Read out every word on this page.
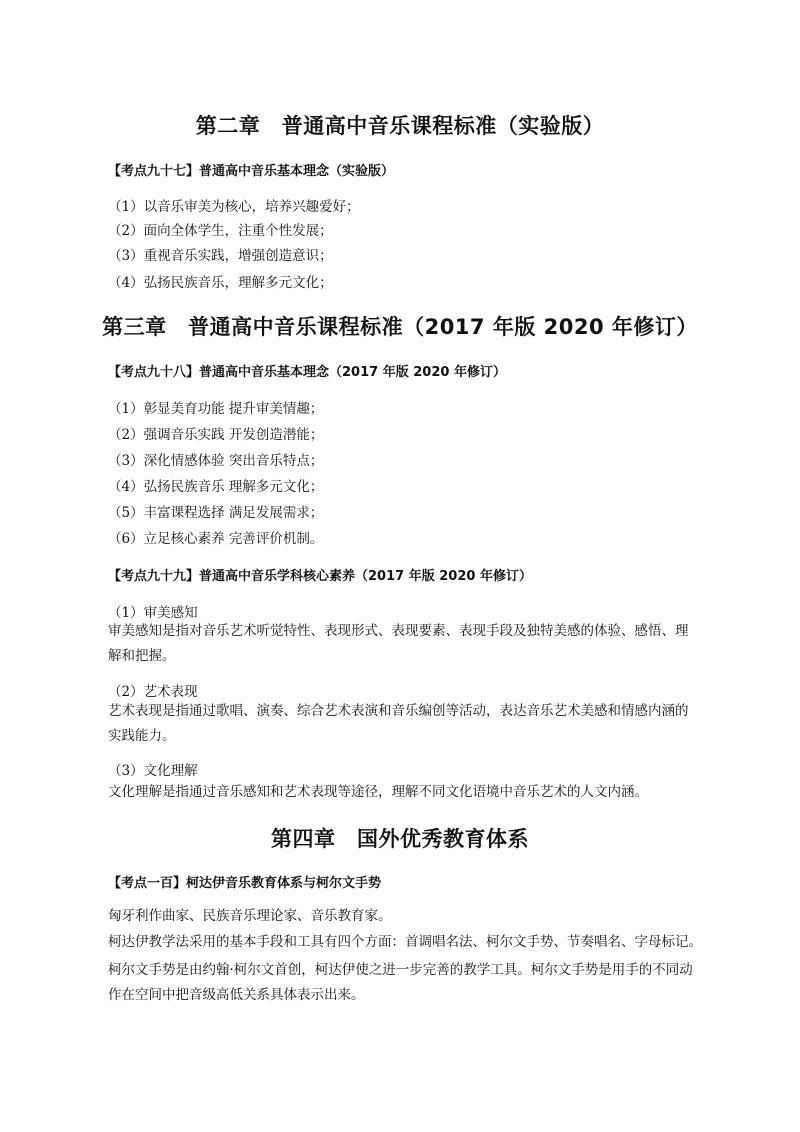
第二章　普通高中音乐课程标准（实验版）
【考点九十七】普通高中音乐基本理念（实验版）
（1）以音乐审美为核心，培养兴趣爱好；
（2）面向全体学生，注重个性发展；
（3）重视音乐实践，增强创造意识；
（4）弘扬民族音乐，理解多元文化；
第三章　普通高中音乐课程标准（2017 年版 2020 年修订）
【考点九十八】普通高中音乐基本理念（2017 年版 2020 年修订）
（1）彰显美育功能 提升审美情趣；
（2）强调音乐实践 开发创造潜能；
（3）深化情感体验 突出音乐特点；
（4）弘扬民族音乐 理解多元文化；
（5）丰富课程选择 满足发展需求；
（6）立足核心素养 完善评价机制。
【考点九十九】普通高中音乐学科核心素养（2017 年版 2020 年修订）
（1）审美感知
审美感知是指对音乐艺术听觉特性、表现形式、表现要素、表现手段及独特美感的体验、感悟、理解和把握。
（2）艺术表现
艺术表现是指通过歌唱、演奏、综合艺术表演和音乐编创等活动，表达音乐艺术美感和情感内涵的实践能力。
（3）文化理解
文化理解是指通过音乐感知和艺术表现等途径，理解不同文化语境中音乐艺术的人文内涵。
第四章　国外优秀教育体系
【考点一百】柯达伊音乐教育体系与柯尔文手势
匈牙利作曲家、民族音乐理论家、音乐教育家。
柯达伊教学法采用的基本手段和工具有四个方面：首调唱名法、柯尔文手势、节奏唱名、字母标记。
柯尔文手势是由约翰·柯尔文首创，柯达伊使之进一步完善的教学工具。柯尔文手势是用手的不同动作在空间中把音级高低关系具体表示出来。
